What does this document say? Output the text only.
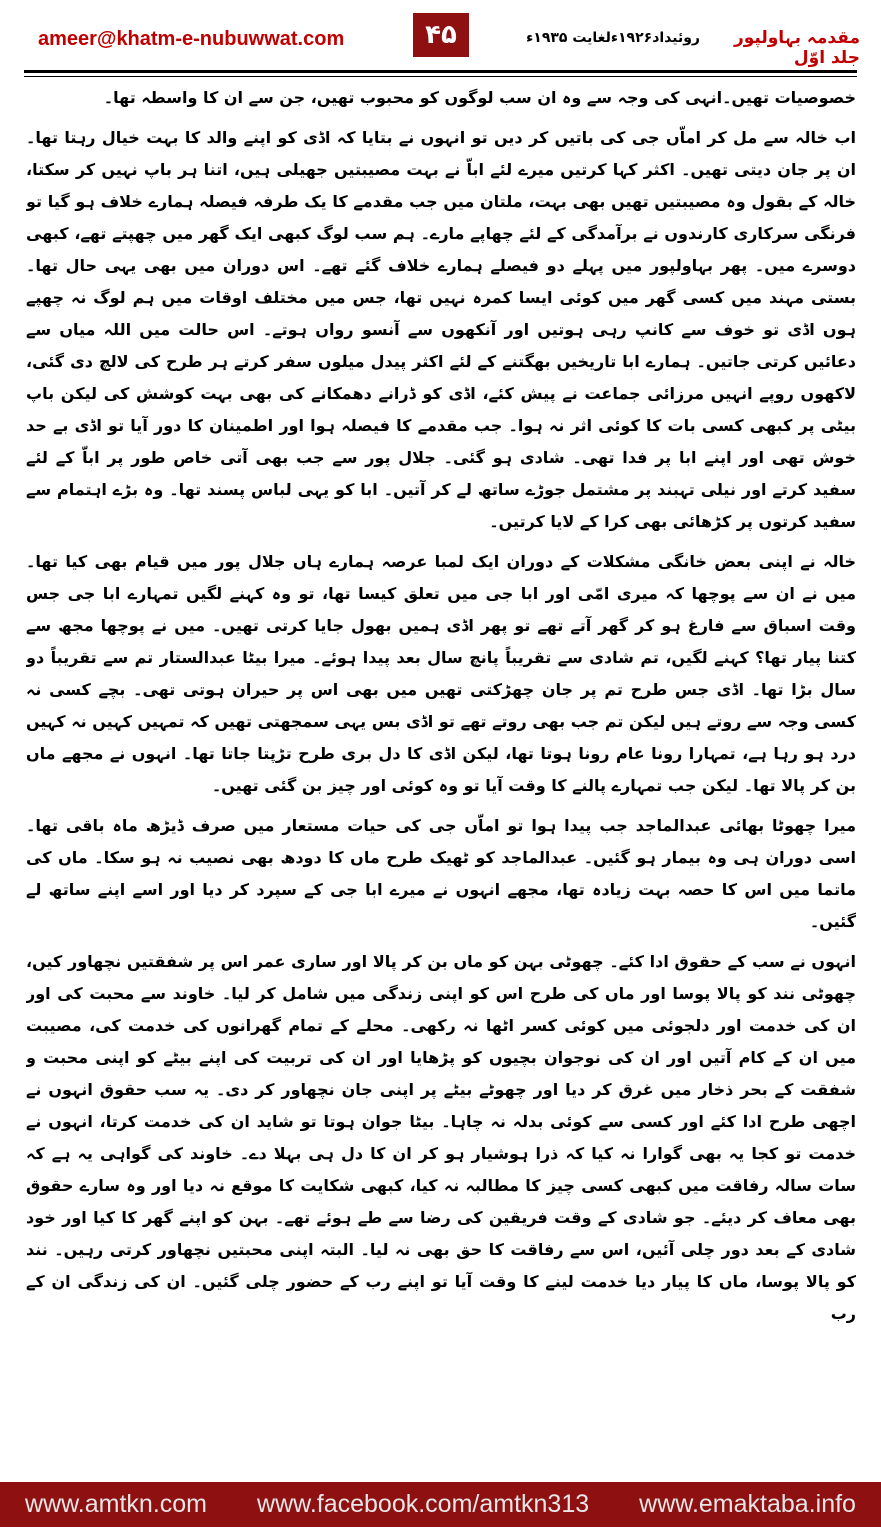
ameer@khatm-e-nubuwwat.com	۴۵	روئیداد۱۹۲۶ءلغایت ۱۹۳۵ء	مقدمہ بہاولپور جلد اوّل

خصوصیات تھیں۔انہی کی وجہ سے وہ ان سب لوگوں کو محبوب تھیں، جن سے ان کا واسطہ تھا۔

اب خالہ سے مل کر اماّں جی کی باتیں کر دیں تو انہوں نے بتایا کہ اڈی کو اپنے والد کا بہت خیال رہتا تھا۔ ان پر جان دیتی تھیں۔ اکثر کہا کرتیں میرے لئے اباّ نے بہت مصیبتیں جھیلی ہیں، اتنا ہر باپ نہیں کر سکتا، خالہ کے بقول وہ مصیبتیں تھیں بھی بہت، ملتان میں جب مقدمے کا یک طرفہ فیصلہ ہمارے خلاف ہو گیا تو فرنگی سرکاری کارندوں نے برآمدگی کے لئے چھاپے مارے۔ ہم سب لوگ کبھی ایک گھر میں چھپتے تھے، کبھی دوسرے میں۔ پھر بہاولپور میں پہلے دو فیصلے ہمارے خلاف گئے تھے۔ اس دوران میں بھی یہی حال تھا۔ بستی مہند میں کسی گھر میں کوئی ایسا کمرہ نہیں تھا، جس میں مختلف اوقات میں ہم لوگ نہ چھپے ہوں اڈی تو خوف سے کانپ رہی ہوتیں اور آنکھوں سے آنسو رواں ہوتے۔ اس حالت میں اللہ میاں سے دعائیں کرتی جاتیں۔ ہمارے ابا تاریخیں بھگتنے کے لئے اکثر پیدل میلوں سفر کرتے ہر طرح کی لالچ دی گئی، لاکھوں روپے انہیں مرزائی جماعت نے پیش کئے، اڈی کو ڈرانے دھمکانے کی بھی بہت کوشش کی لیکن باپ بیٹی پر کبھی کسی بات کا کوئی اثر نہ ہوا۔ جب مقدمے کا فیصلہ ہوا اور اطمینان کا دور آیا تو اڈی بے حد خوش تھی اور اپنے ابا پر فدا تھی۔ شادی ہو گئی۔ جلال پور سے جب بھی آتی خاص طور پر اباّ کے لئے سفید کرتے اور نیلی تہبند پر مشتمل جوڑے ساتھ لے کر آتیں۔ ابا کو یہی لباس پسند تھا۔ وہ بڑے اہتمام سے سفید کرتوں پر کڑھائی بھی کرا کے لایا کرتیں۔

خالہ نے اپنی بعض خانگی مشکلات کے دوران ایک لمبا عرصہ ہمارے ہاں جلال پور میں قیام بھی کیا تھا۔ میں نے ان سے پوچھا کہ میری امّی اور ابا جی میں تعلق کیسا تھا، تو وہ کہنے لگیں تمہارے ابا جی جس وقت اسباق سے فارغ ہو کر گھر آتے تھے تو پھر اڈی ہمیں بھول جایا کرتی تھیں۔ میں نے پوچھا مجھ سے کتنا پیار تھا؟ کہنے لگیں، تم شادی سے تقریباً پانچ سال بعد پیدا ہوئے۔ میرا بیٹا عبدالستار تم سے تقریباً دو سال بڑا تھا۔ اڈی جس طرح تم پر جان چھڑکتی تھیں میں بھی اس پر حیران ہوتی تھی۔ بچے کسی نہ کسی وجہ سے روتے ہیں لیکن تم جب بھی روتے تھے تو اڈی بس یہی سمجھتی تھیں کہ تمہیں کہیں نہ کہیں درد ہو رہا ہے، تمہارا رونا عام رونا ہوتا تھا، لیکن اڈی کا دل بری طرح تڑپتا جاتا تھا۔ انہوں نے مجھے ماں بن کر پالا تھا۔ لیکن جب تمہارے پالنے کا وقت آیا تو وہ کوئی اور چیز بن گئی تھیں۔

میرا چھوٹا بھائی عبدالماجد جب پیدا ہوا تو اماّں جی کی حیات مستعار میں صرف ڈیڑھ ماہ باقی تھا۔ اسی دوران ہی وہ بیمار ہو گئیں۔ عبدالماجد کو ٹھیک طرح ماں کا دودھ بھی نصیب نہ ہو سکا۔ ماں کی ماتما میں اس کا حصہ بہت زیادہ تھا، مجھے انہوں نے میرے ابا جی کے سپرد کر دیا اور اسے اپنے ساتھ لے گئیں۔

انہوں نے سب کے حقوق ادا کئے۔ چھوٹی بہن کو ماں بن کر پالا اور ساری عمر اس پر شفقتیں نچھاور کیں، چھوٹی نند کو پالا پوسا اور ماں کی طرح اس کو اپنی زندگی میں شامل کر لیا۔ خاوند سے محبت کی اور ان کی خدمت اور دلجوئی میں کوئی کسر اٹھا نہ رکھی۔ محلے کے تمام گھرانوں کی خدمت کی، مصیبت میں ان کے کام آتیں اور ان کی نوجوان بچیوں کو پڑھایا اور ان کی تربیت کی اپنے بیٹے کو اپنی محبت و شفقت کے بحر ذخار میں غرق کر دیا اور چھوٹے بیٹے پر اپنی جان نچھاور کر دی۔ یہ سب حقوق انہوں نے اچھی طرح ادا کئے اور کسی سے کوئی بدلہ نہ چاہا۔ بیٹا جوان ہوتا تو شاید ان کی خدمت کرتا، انہوں نے خدمت تو کجا یہ بھی گوارا نہ کیا کہ ذرا ہوشیار ہو کر ان کا دل ہی بہلا دے۔ خاوند کی گواہی یہ ہے کہ سات سالہ رفاقت میں کبھی کسی چیز کا مطالبہ نہ کیا، کبھی شکایت کا موقع نہ دیا اور وہ سارے حقوق بھی معاف کر دیئے۔ جو شادی کے وقت فریقین کی رضا سے طے ہوئے تھے۔ بہن کو اپنے گھر کا کیا اور خود شادی کے بعد دور چلی آئیں، اس سے رفاقت کا حق بھی نہ لیا۔ البتہ اپنی محبتیں نچھاور کرتی رہیں۔ نند کو پالا پوسا، ماں کا پیار دیا خدمت لینے کا وقت آیا تو اپنے رب کے حضور چلی گئیں۔ ان کی زندگی ان کے رب

www.amtkn.com www.facebook.com/amtkn313 www.emaktaba.info
